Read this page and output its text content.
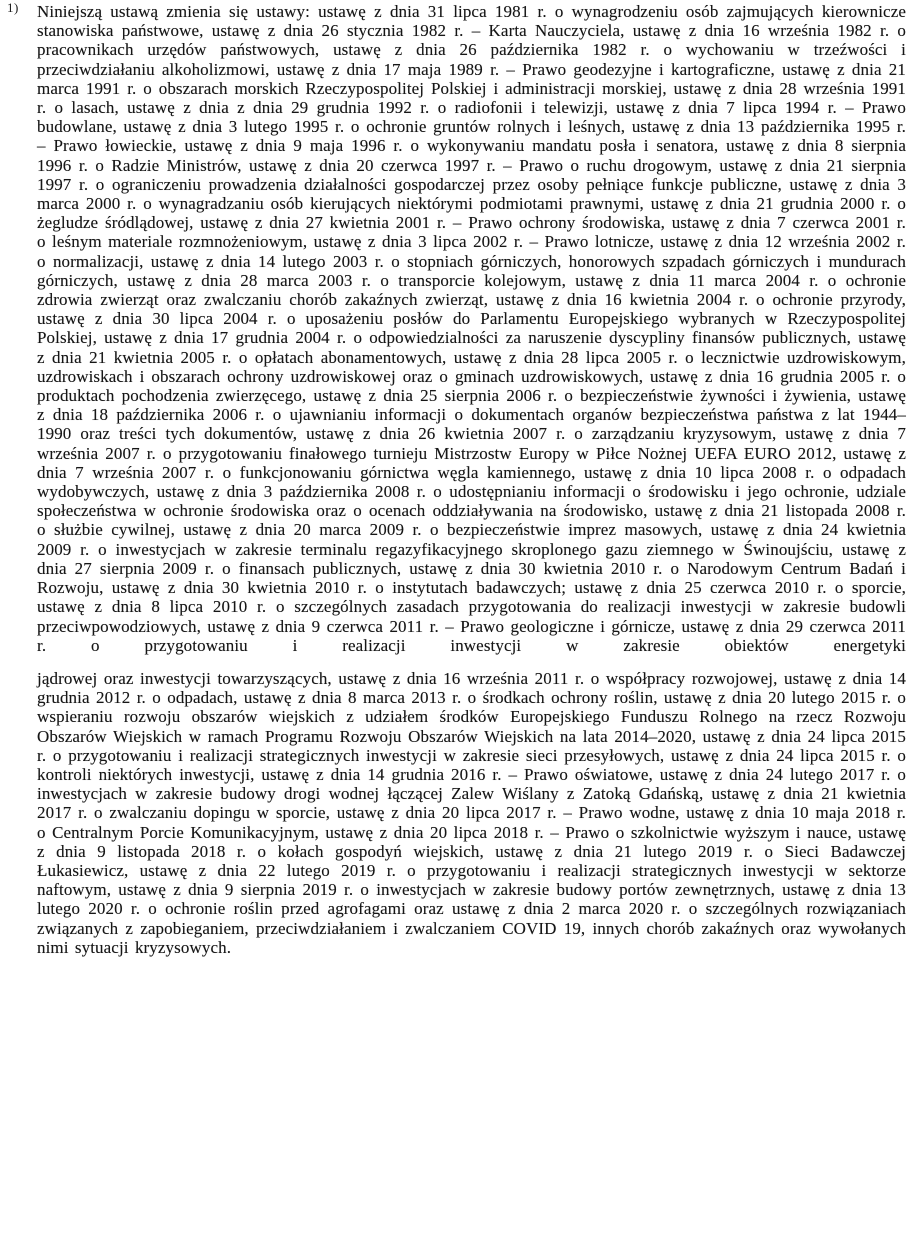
1) Niniejszą ustawą zmienia się ustawy: ustawę z dnia 31 lipca 1981 r. o wynagrodzeniu osób zajmujących kierownicze stanowiska państwowe, ustawę z dnia 26 stycznia 1982 r. – Karta Nauczyciela, ustawę z dnia 16 września 1982 r. o pracownikach urzędów państwowych, ustawę z dnia 26 października 1982 r. o wychowaniu w trzeźwości i przeciwdziałaniu alkoholizmowi, ustawę z dnia 17 maja 1989 r. – Prawo geodezyjne i kartograficzne, ustawę z dnia 21 marca 1991 r. o obszarach morskich Rzeczypospolitej Polskiej i administracji morskiej, ustawę z dnia 28 września 1991 r. o lasach, ustawę z dnia z dnia 29 grudnia 1992 r. o radiofonii i telewizji, ustawę z dnia 7 lipca 1994 r. – Prawo budowlane, ustawę z dnia 3 lutego 1995 r. o ochronie gruntów rolnych i leśnych, ustawę z dnia 13 października 1995 r. – Prawo łowieckie, ustawę z dnia 9 maja 1996 r. o wykonywaniu mandatu posła i senatora, ustawę z dnia 8 sierpnia 1996 r. o Radzie Ministrów, ustawę z dnia 20 czerwca 1997 r. – Prawo o ruchu drogowym, ustawę z dnia 21 sierpnia 1997 r. o ograniczeniu prowadzenia działalności gospodarczej przez osoby pełniące funkcje publiczne, ustawę z dnia 3 marca 2000 r. o wynagradzaniu osób kierujących niektórymi podmiotami prawnymi, ustawę z dnia 21 grudnia 2000 r. o żegludze śródlądowej, ustawę z dnia 27 kwietnia 2001 r. – Prawo ochrony środowiska, ustawę z dnia 7 czerwca 2001 r. o leśnym materiale rozmnożeniowym, ustawę z dnia 3 lipca 2002 r. – Prawo lotnicze, ustawę z dnia 12 września 2002 r. o normalizacji, ustawę z dnia 14 lutego 2003 r. o stopniach górniczych, honorowych szpadach górniczych i mundurach górniczych, ustawę z dnia 28 marca 2003 r. o transporcie kolejowym, ustawę z dnia 11 marca 2004 r. o ochronie zdrowia zwierząt oraz zwalczaniu chorób zakaźnych zwierząt, ustawę z dnia 16 kwietnia 2004 r. o ochronie przyrody, ustawę z dnia 30 lipca 2004 r. o uposażeniu posłów do Parlamentu Europejskiego wybranych w Rzeczypospolitej Polskiej, ustawę z dnia 17 grudnia 2004 r. o odpowiedzialności za naruszenie dyscypliny finansów publicznych, ustawę z dnia 21 kwietnia 2005 r. o opłatach abonamentowych, ustawę z dnia 28 lipca 2005 r. o lecznictwie uzdrowiskowym, uzdrowiskach i obszarach ochrony uzdrowiskowej oraz o gminach uzdrowiskowych, ustawę z dnia 16 grudnia 2005 r. o produktach pochodzenia zwierzęcego, ustawę z dnia 25 sierpnia 2006 r. o bezpieczeństwie żywności i żywienia, ustawę z dnia 18 października 2006 r. o ujawnianiu informacji o dokumentach organów bezpieczeństwa państwa z lat 1944–1990 oraz treści tych dokumentów, ustawę z dnia 26 kwietnia 2007 r. o zarządzaniu kryzysowym, ustawę z dnia 7 września 2007 r. o przygotowaniu finałowego turnieju Mistrzostw Europy w Piłce Nożnej UEFA EURO 2012, ustawę z dnia 7 września 2007 r. o funkcjonowaniu górnictwa węgla kamiennego, ustawę z dnia 10 lipca 2008 r. o odpadach wydobywczych, ustawę z dnia 3 października 2008 r. o udostępnianiu informacji o środowisku i jego ochronie, udziale społeczeństwa w ochronie środowiska oraz o ocenach oddziaływania na środowisko, ustawę z dnia 21 listopada 2008 r. o służbie cywilnej, ustawę z dnia 20 marca 2009 r. o bezpieczeństwie imprez masowych, ustawę z dnia 24 kwietnia 2009 r. o inwestycjach w zakresie terminalu regazyfikacyjnego skroplonego gazu ziemnego w Świnoujściu, ustawę z dnia 27 sierpnia 2009 r. o finansach publicznych, ustawę z dnia 30 kwietnia 2010 r. o Narodowym Centrum Badań i Rozwoju, ustawę z dnia 30 kwietnia 2010 r. o instytutach badawczych; ustawę z dnia 25 czerwca 2010 r. o sporcie, ustawę z dnia 8 lipca 2010 r. o szczególnych zasadach przygotowania do realizacji inwestycji w zakresie budowli przeciwpowodziowych, ustawę z dnia 9 czerwca 2011 r. – Prawo geologiczne i górnicze, ustawę z dnia 29 czerwca 2011 r. o przygotowaniu i realizacji inwestycji w zakresie obiektów energetyki

jądrowej oraz inwestycji towarzyszących, ustawę z dnia 16 września 2011 r. o współpracy rozwojowej, ustawę z dnia 14 grudnia 2012 r. o odpadach, ustawę z dnia 8 marca 2013 r. o środkach ochrony roślin, ustawę z dnia 20 lutego 2015 r. o wspieraniu rozwoju obszarów wiejskich z udziałem środków Europejskiego Funduszu Rolnego na rzecz Rozwoju Obszarów Wiejskich w ramach Programu Rozwoju Obszarów Wiejskich na lata 2014–2020, ustawę z dnia 24 lipca 2015 r. o przygotowaniu i realizacji strategicznych inwestycji w zakresie sieci przesyłowych, ustawę z dnia 24 lipca 2015 r. o kontroli niektórych inwestycji, ustawę z dnia 14 grudnia 2016 r. – Prawo oświatowe, ustawę z dnia 24 lutego 2017 r. o inwestycjach w zakresie budowy drogi wodnej łączącej Zalew Wiślany z Zatoką Gdańską, ustawę z dnia 21 kwietnia 2017 r. o zwalczaniu dopingu w sporcie, ustawę z dnia 20 lipca 2017 r. – Prawo wodne, ustawę z dnia 10 maja 2018 r. o Centralnym Porcie Komunikacyjnym, ustawę z dnia 20 lipca 2018 r. – Prawo o szkolnictwie wyższym i nauce, ustawę z dnia 9 listopada 2018 r. o kołach gospodyń wiejskich, ustawę z dnia 21 lutego 2019 r. o Sieci Badawczej Łukasiewicz, ustawę z dnia 22 lutego 2019 r. o przygotowaniu i realizacji strategicznych inwestycji w sektorze naftowym, ustawę z dnia 9 sierpnia 2019 r. o inwestycjach w zakresie budowy portów zewnętrznych, ustawę z dnia 13 lutego 2020 r. o ochronie roślin przed agrofagami oraz ustawę z dnia 2 marca 2020 r. o szczególnych rozwiązaniach związanych z zapobieganiem, przeciwdziałaniem i zwalczaniem COVID 19, innych chorób zakaźnych oraz wywołanych nimi sytuacji kryzysowych.
